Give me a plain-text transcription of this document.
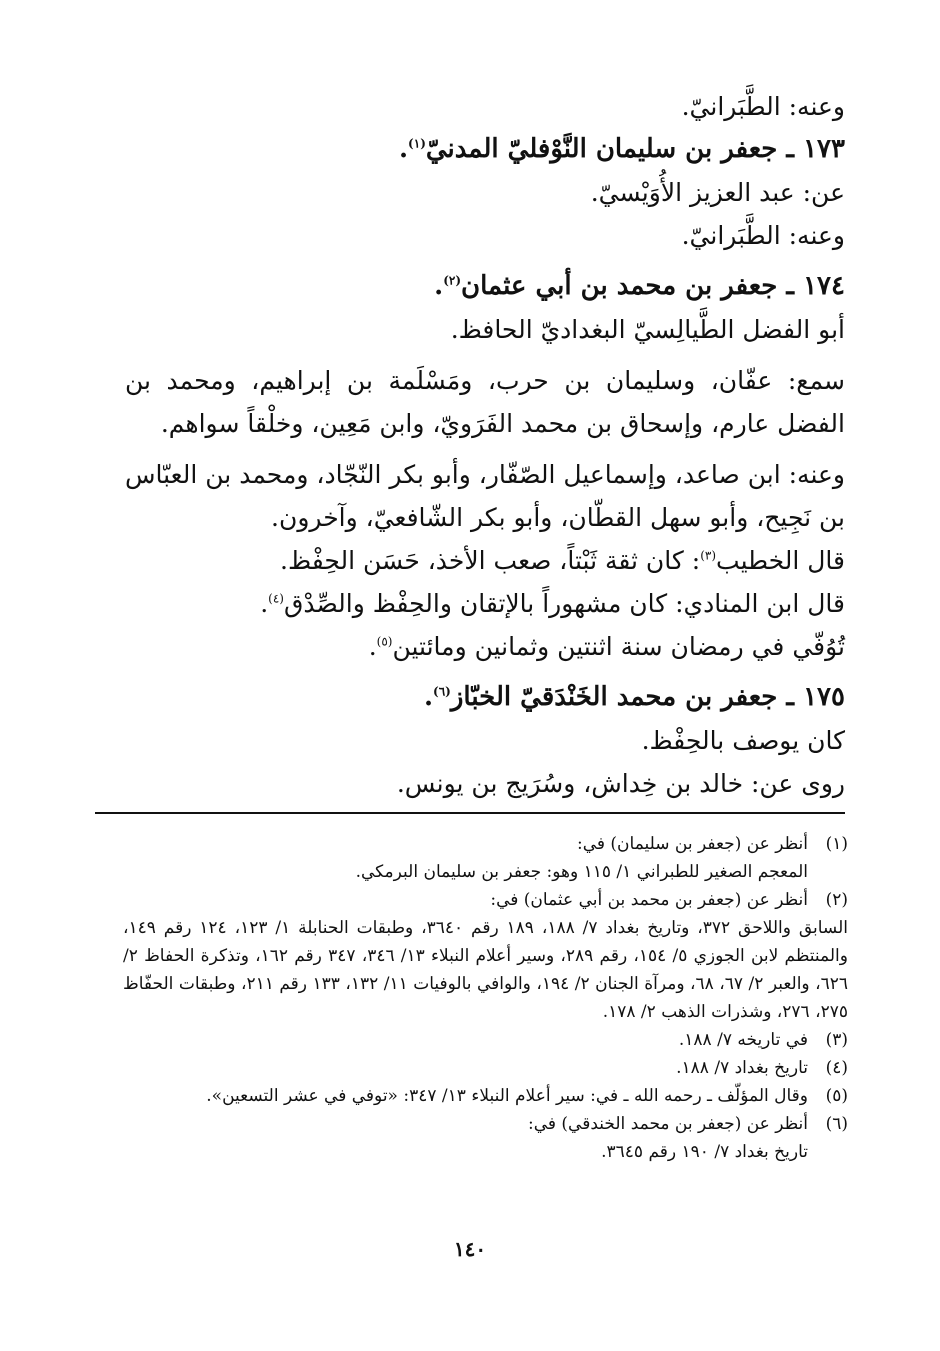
وعنه: الطَّبَرانيّ.
١٧٣ ـ جعفر بن سليمان النَّوْفليّ المدنيّ$^{(١)}$.
عن: عبد العزيز الأُوَيْسيّ.
وعنه: الطَّبَرانيّ.
١٧٤ ـ جعفر بن محمد بن أبي عثمان$^{(٢)}$.
أبو الفضل الطَّيالِسيّ البغداديّ الحافظ.
سمع: عفّان، وسليمان بن حرب، ومَسْلَمة بن إبراهيم، ومحمد بن الفضل عارم، وإسحاق بن محمد الفَرَويّ، وابن مَعِين، وخلْقاً سواهم.
وعنه: ابن صاعد، وإسماعيل الصّفّار، وأبو بكر النّجّاد، ومحمد بن العبّاس بن نَجِيح، وأبو سهل القطّان، وأبو بكر الشّافعيّ، وآخرون.
قال الخطيب$^{(٣)}$: كان ثقة ثَبْتاً، صعب الأخذ، حَسَن الحِفْظ.
قال ابن المنادي: كان مشهوراً بالإتقان والحِفْظ والصِّدْق$^{(٤)}$.
تُوُفّي في رمضان سنة اثنتين وثمانين ومائتين$^{(٥)}$.
١٧٥ ـ جعفر بن محمد الخَنْدَقيّ الخبّاز$^{(٦)}$.
كان يوصف بالحِفْظ.
روى عن: خالد بن خِداش، وسُرَيج بن يونس.
(١)
أنظر عن (جعفر بن سليمان) في:
المعجم الصغير للطبراني ١/ ١١٥ وهو: جعفر بن سليمان البرمكي.
(٢)
أنظر عن (جعفر بن محمد بن أبي عثمان) في:
السابق واللاحق ٣٧٢، وتاريخ بغداد ٧/ ١٨٨، ١٨٩ رقم ٣٦٤٠، وطبقات الحنابلة ١/ ١٢٣، ١٢٤ رقم ١٤٩، والمنتظم لابن الجوزي ٥/ ١٥٤، رقم ٢٨٩، وسير أعلام النبلاء ١٣/ ٣٤٦، ٣٤٧ رقم ١٦٢، وتذكرة الحفاظ ٢/ ٦٢٦، والعبر ٢/ ٦٧، ٦٨، ومرآة الجنان ٢/ ١٩٤، والوافي بالوفيات ١١/ ١٣٢، ١٣٣ رقم ٢١١، وطبقات الحفّاظ ٢٧٥، ٢٧٦، وشذرات الذهب ٢/ ١٧٨.
(٣)
في تاريخه ٧/ ١٨٨.
(٤)
تاريخ بغداد ٧/ ١٨٨.
(٥)
وقال المؤلّف ـ رحمه الله ـ في: سير أعلام النبلاء ١٣/ ٣٤٧: «توفي في عشر التسعين».
(٦)
أنظر عن (جعفر بن محمد الخندقي) في:
تاريخ بغداد ٧/ ١٩٠ رقم ٣٦٤٥.
١٤٠
